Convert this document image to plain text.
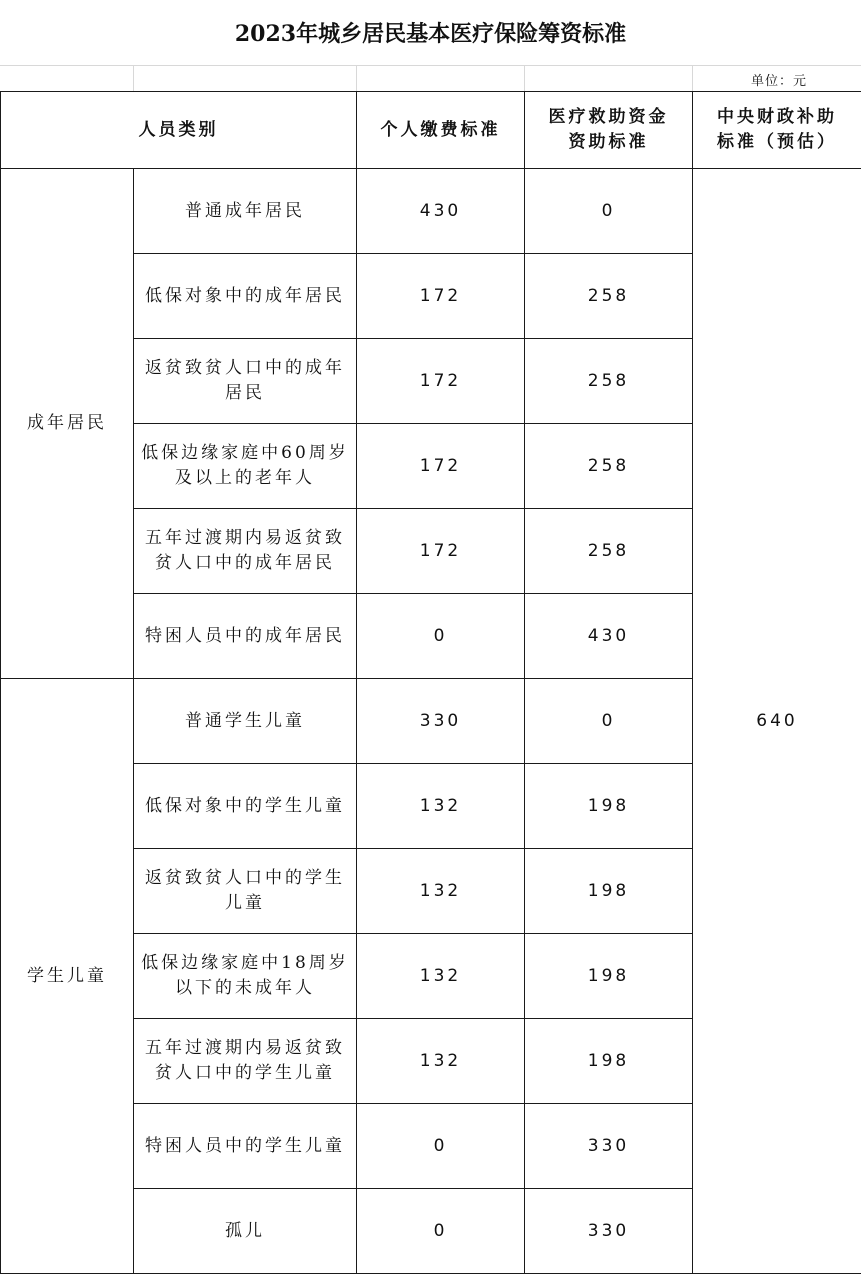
2023年城乡居民基本医疗保险筹资标准
单位：元
人员类别		个人缴费标准	医疗救助资金资助标准	中央财政补助标准（预估）
成年居民	普通成年居民	430	0	640
	低保对象中的成年居民	172	258	
	返贫致贫人口中的成年居民	172	258	
	低保边缘家庭中60周岁及以上的老年人	172	258	
	五年过渡期内易返贫致贫人口中的成年居民	172	258	
	特困人员中的成年居民	0	430	
学生儿童	普通学生儿童	330	0	
	低保对象中的学生儿童	132	198	
	返贫致贫人口中的学生儿童	132	198	
	低保边缘家庭中18周岁以下的未成年人	132	198	
	五年过渡期内易返贫致贫人口中的学生儿童	132	198	
	特困人员中的学生儿童	0	330	
	孤儿	0	330	
